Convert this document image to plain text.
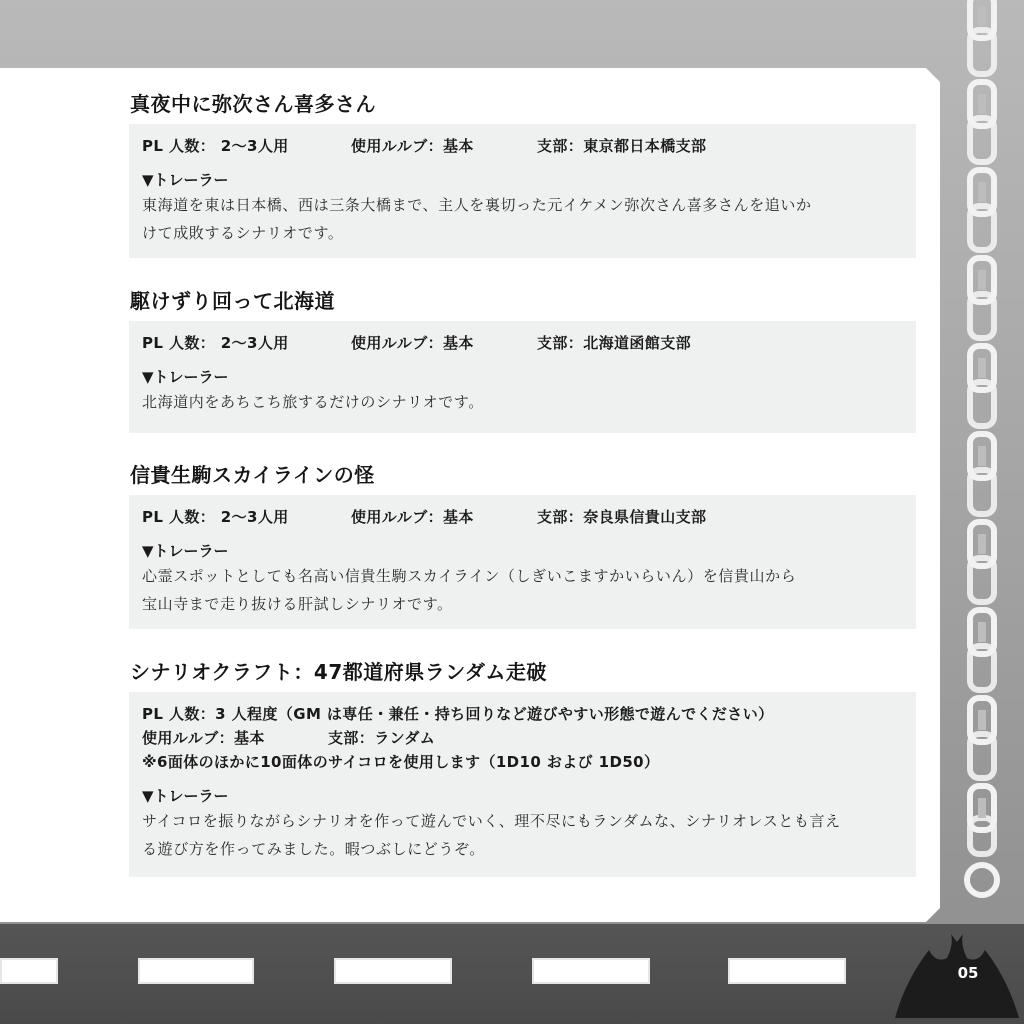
05
真夜中に弥次さん喜多さん
PL 人数： 2〜3人用	使用ルルブ：基本	支部：東京都日本橋支部
▼トレーラー
東海道を東は日本橋、西は三条大橋まで、主人を裏切った元イケメン弥次さん喜多さんを追いか
けて成敗するシナリオです。
駆けずり回って北海道
PL 人数： 2〜3人用	使用ルルブ：基本	支部：北海道函館支部
▼トレーラー
北海道内をあちこち旅するだけのシナリオです。
信貴生駒スカイラインの怪
PL 人数： 2〜3人用	使用ルルブ：基本	支部：奈良県信貴山支部
▼トレーラー
心霊スポットとしても名高い信貴生駒スカイライン（しぎいこますかいらいん）を信貴山から
宝山寺まで走り抜ける肝試しシナリオです。
シナリオクラフト：47都道府県ランダム走破
PL 人数：3 人程度（GM は専任・兼任・持ち回りなど遊びやすい形態で遊んでください）
使用ルルブ：基本	支部：ランダム
※6面体のほかに10面体のサイコロを使用します（1D10 および 1D50）
▼トレーラー
サイコロを振りながらシナリオを作って遊んでいく、理不尽にもランダムな、シナリオレスとも言え
る遊び方を作ってみました。暇つぶしにどうぞ。
